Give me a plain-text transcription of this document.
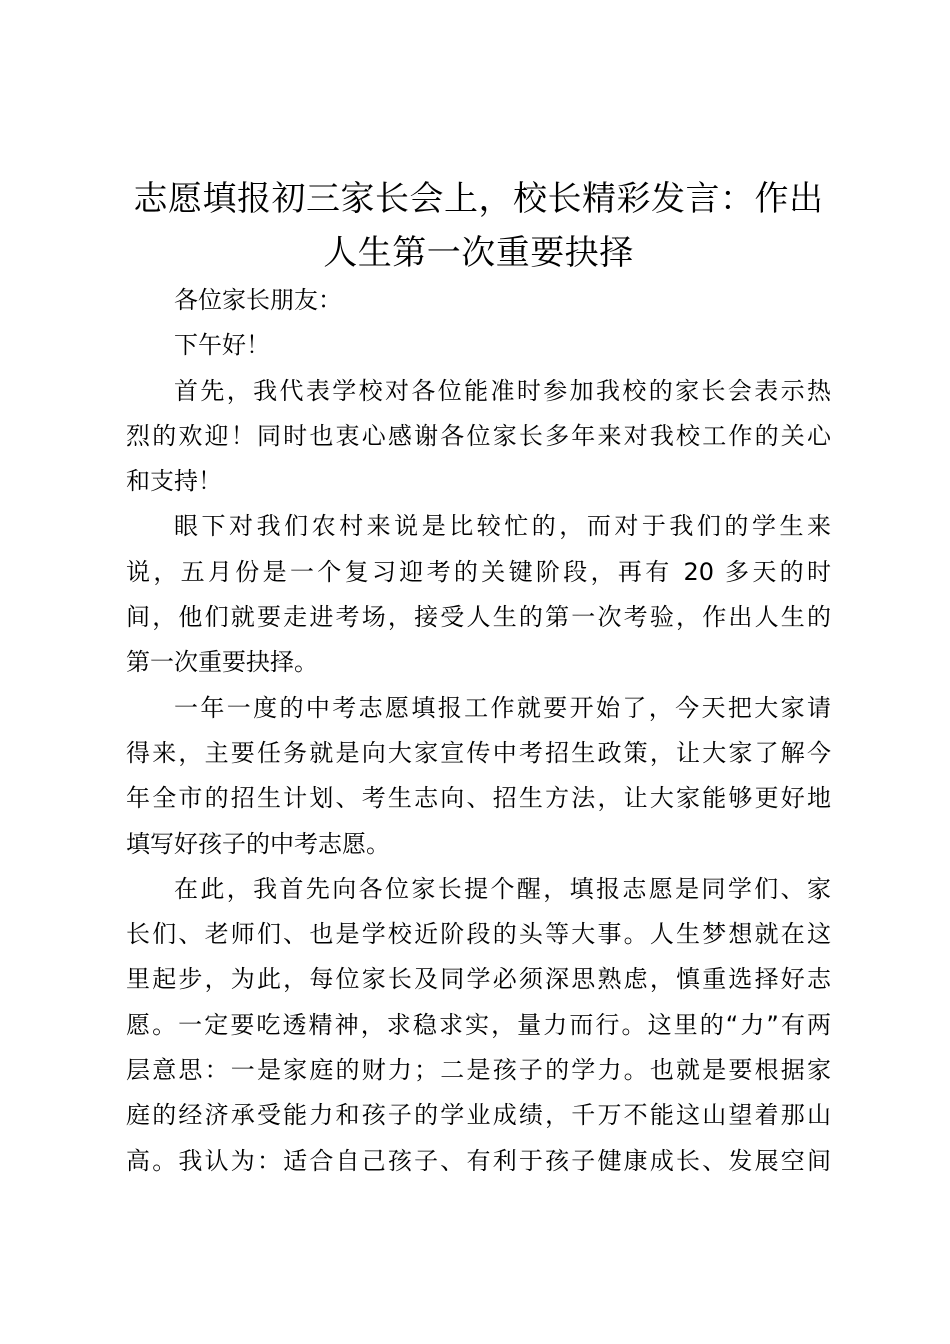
志愿填报初三家长会上，校长精彩发言：作出
人生第一次重要抉择

各位家长朋友：

下午好！

首先，我代表学校对各位能准时参加我校的家长会表示热
烈的欢迎！同时也衷心感谢各位家长多年来对我校工作的关心
和支持！

眼下对我们农村来说是比较忙的，而对于我们的学生来
说，五月份是一个复习迎考的关键阶段，再有 20 多天的时
间，他们就要走进考场，接受人生的第一次考验，作出人生的
第一次重要抉择。

一年一度的中考志愿填报工作就要开始了，今天把大家请
得来，主要任务就是向大家宣传中考招生政策，让大家了解今
年全市的招生计划、考生志向、招生方法，让大家能够更好地
填写好孩子的中考志愿。

在此，我首先向各位家长提个醒，填报志愿是同学们、家
长们、老师们、也是学校近阶段的头等大事。人生梦想就在这
里起步，为此，每位家长及同学必须深思熟虑，慎重选择好志
愿。一定要吃透精神，求稳求实，量力而行。这里的“力”有两
层意思：一是家庭的财力；二是孩子的学力。也就是要根据家
庭的经济承受能力和孩子的学业成绩，千万不能这山望着那山
高。我认为：适合自己孩子、有利于孩子健康成长、发展空间
